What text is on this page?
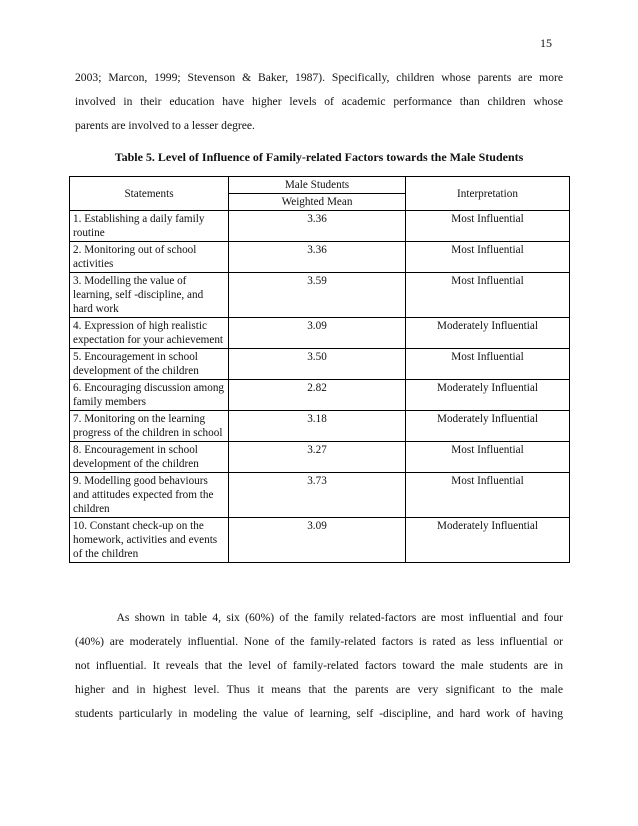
15
2003; Marcon, 1999; Stevenson & Baker, 1987). Specifically, children whose parents are more
involved in their education have higher levels of academic performance than children whose
parents are involved to a lesser degree.
Table 5. Level of Influence of Family-related Factors towards the Male Students
Statements	Male Students	Interpretation
	Weighted Mean	
1. Establishing a daily family routine	3.36	Most Influential
2. Monitoring out of school activities	3.36	Most Influential
3. Modelling the value of learning, self -discipline, and hard work	3.59	Most Influential
4. Expression of high realistic expectation for your achievement	3.09	Moderately Influential
5. Encouragement in school development of the children	3.50	Most Influential
6. Encouraging discussion among family members	2.82	Moderately Influential
7. Monitoring on the learning progress of the children in school	3.18	Moderately Influential
8. Encouragement in school development of the children	3.27	Most Influential
9. Modelling good behaviours and attitudes expected from the children	3.73	Most Influential
10. Constant check-up on the homework, activities and events of the children	3.09	Moderately Influential
As shown in table 4, six (60%) of the family related-factors are most influential and four
(40%) are moderately influential. None of the family-related factors is rated as less influential or
not influential. It reveals that the level of family-related factors toward the male students are in
higher and in highest level. Thus it means that the parents are very significant to the male
students particularly in modeling the value of learning, self -discipline, and hard work of having
